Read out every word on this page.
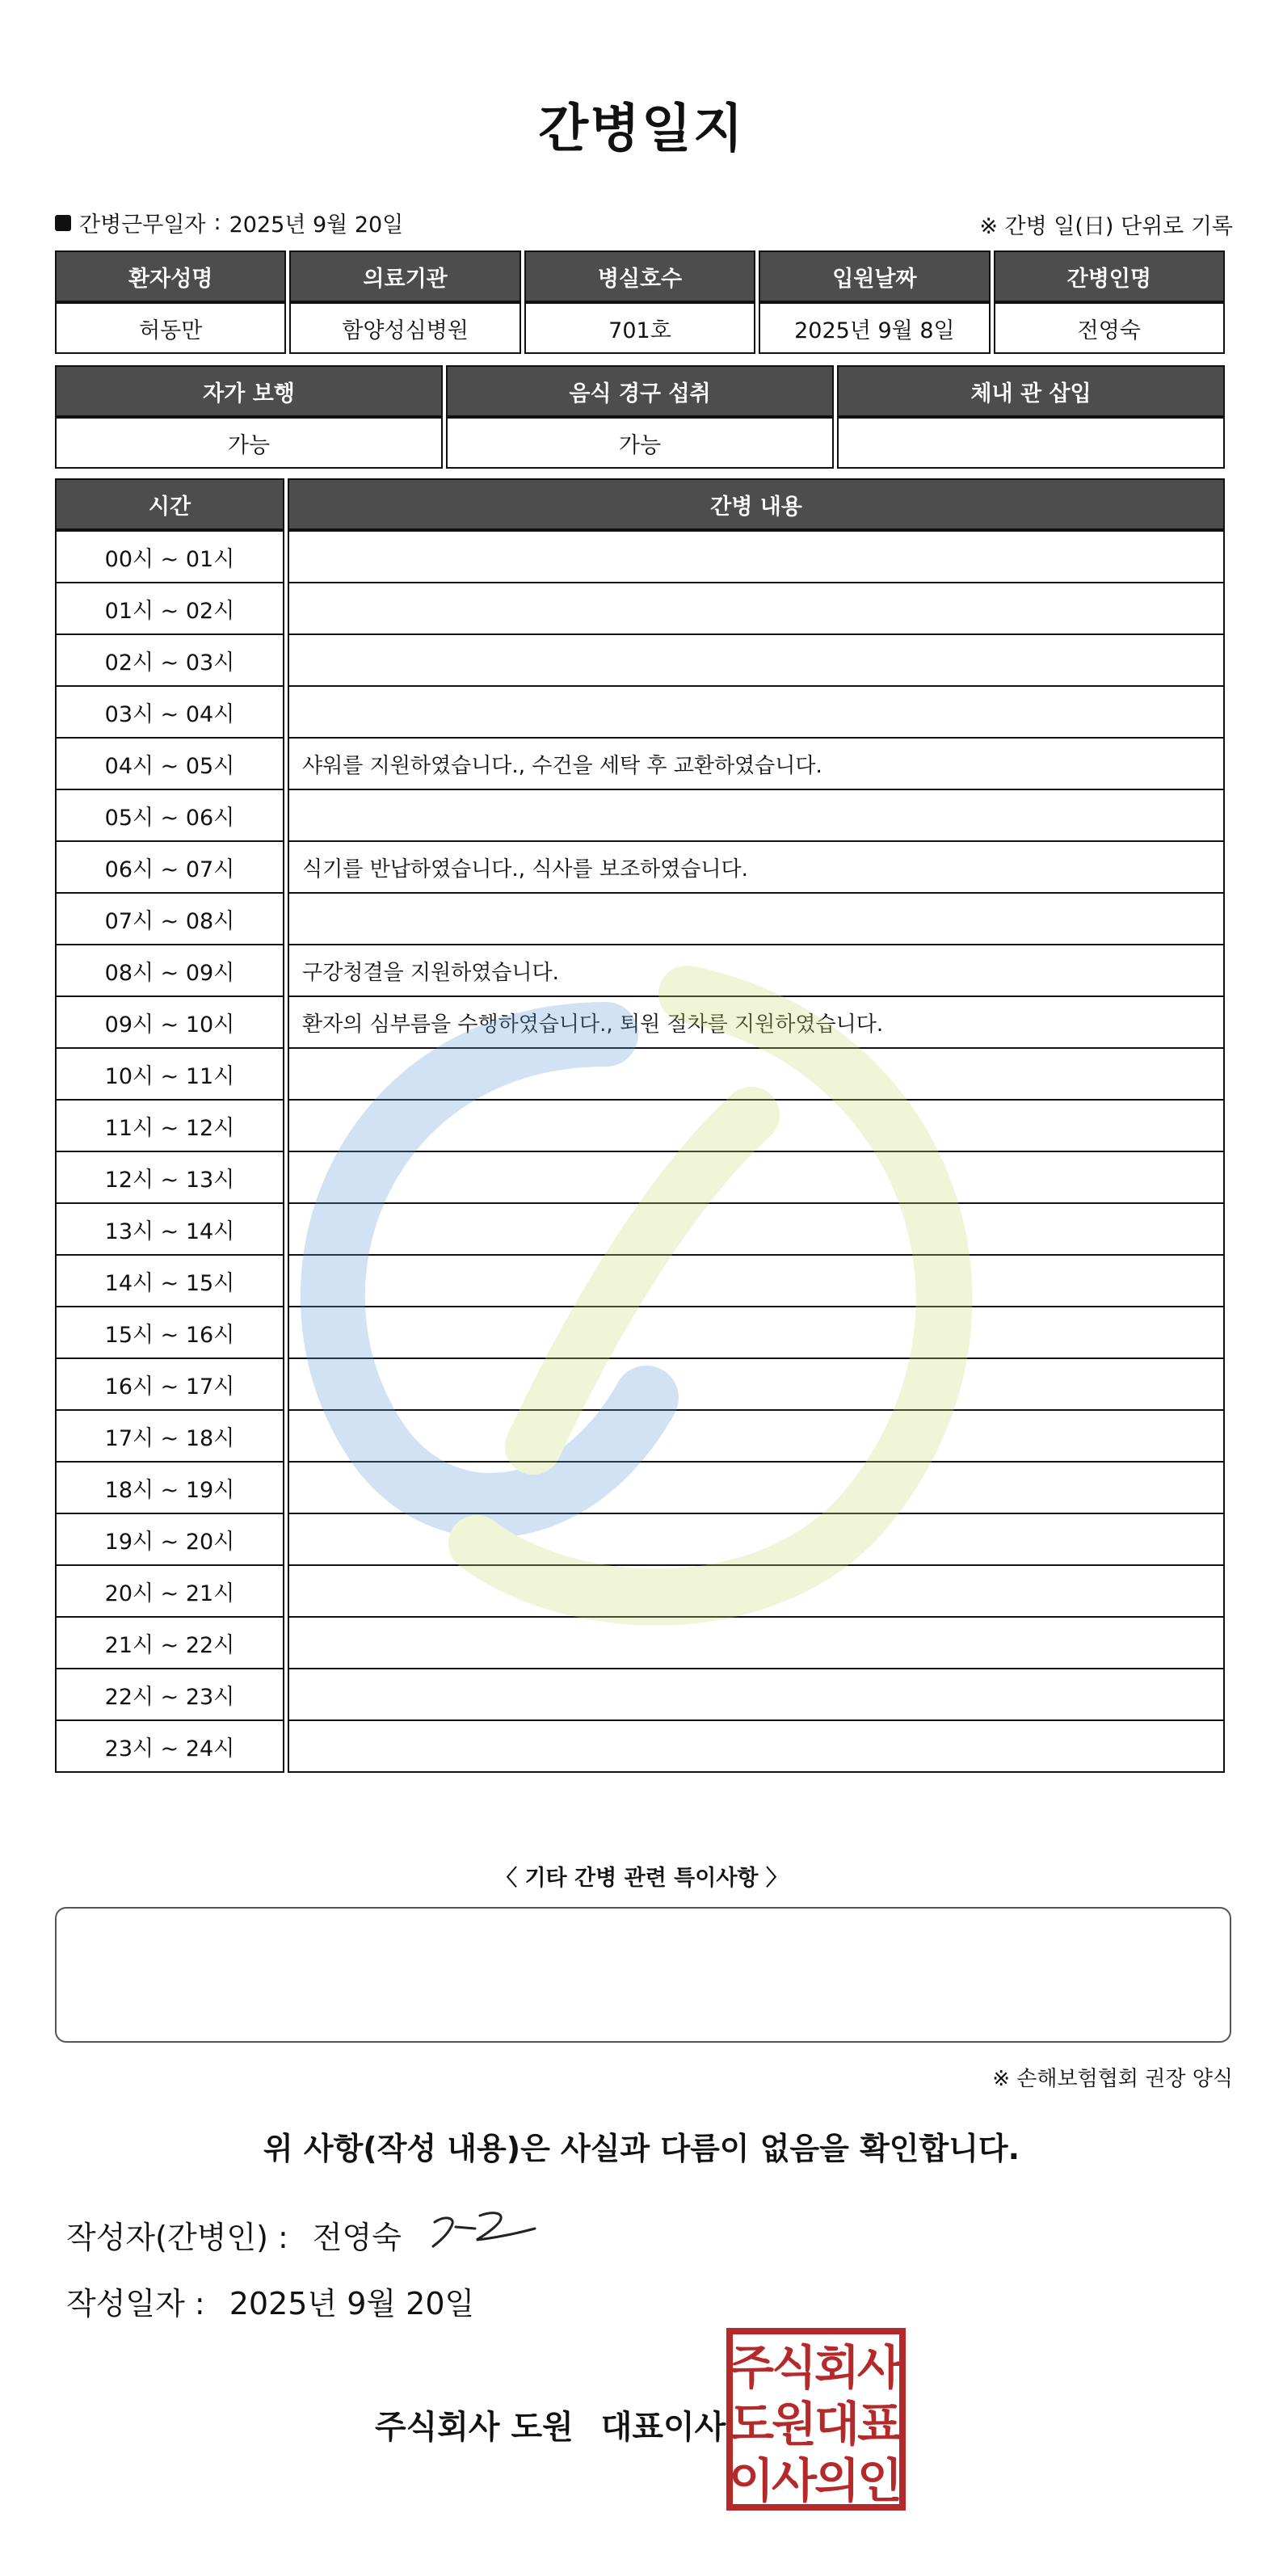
간병일지
간병근무일자 : 2025년 9월 20일	※ 간병 일(日) 단위로 기록
환자성명	의료기관	병실호수	입원날짜	간병인명
허동만	함양성심병원	701호	2025년 9월 8일	전영숙
자가 보행	음식 경구 섭취	체내 관 삽입
가능	가능	
시간	간병 내용
00시 ~ 01시	
01시 ~ 02시	
02시 ~ 03시	
03시 ~ 04시	
04시 ~ 05시	샤워를 지원하였습니다., 수건을 세탁 후 교환하였습니다.
05시 ~ 06시	
06시 ~ 07시	식기를 반납하였습니다., 식사를 보조하였습니다.
07시 ~ 08시	
08시 ~ 09시	구강청결을 지원하였습니다.
09시 ~ 10시	환자의 심부름을 수행하였습니다., 퇴원 절차를 지원하였습니다.
10시 ~ 11시	
11시 ~ 12시	
12시 ~ 13시	
13시 ~ 14시	
14시 ~ 15시	
15시 ~ 16시	
16시 ~ 17시	
17시 ~ 18시	
18시 ~ 19시	
19시 ~ 20시	
20시 ~ 21시	
21시 ~ 22시	
22시 ~ 23시	
23시 ~ 24시	
〈 기타 간병 관련 특이사항 〉
※ 손해보험협회 권장 양식
위 사항(작성 내용)은 사실과 다름이 없음을 확인합니다.
작성자(간병인) : 전영숙
작성일자 : 2025년 9월 20일
주식회사 도원 대표이사
주
식
회
사
도
원
대
표
이
사
의
인
